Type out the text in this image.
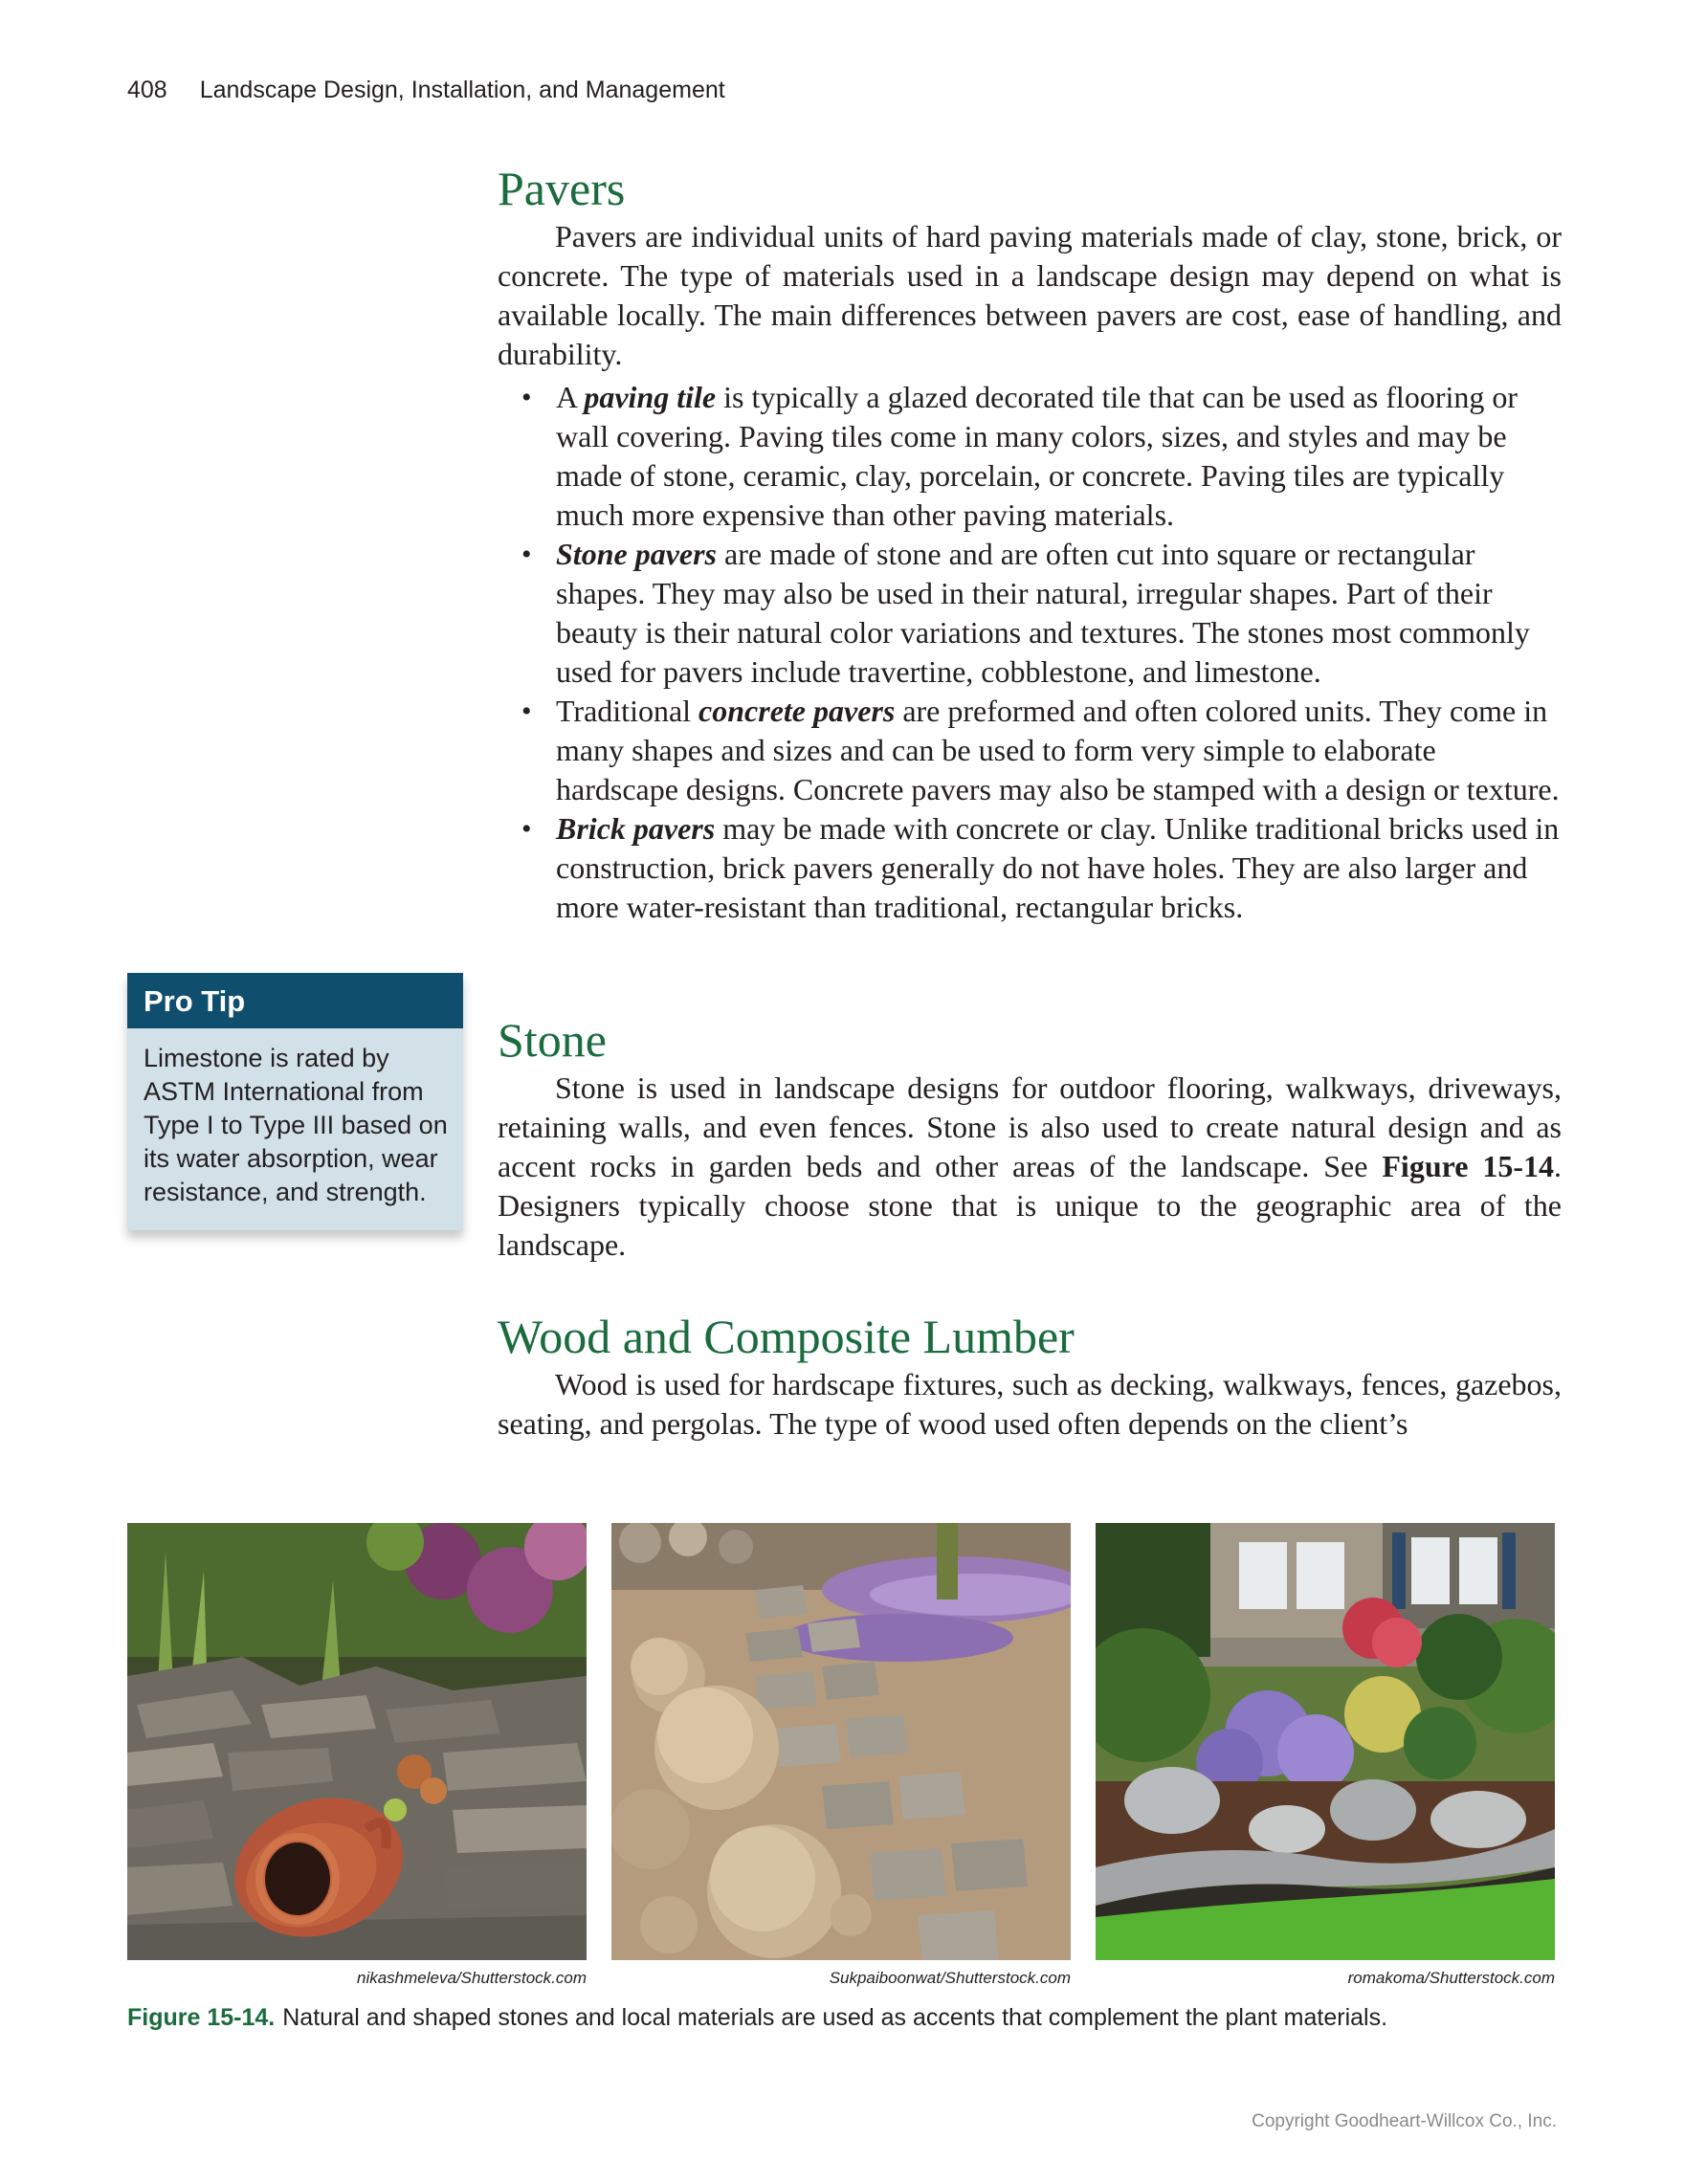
408 Landscape Design, Installation, and Management
Pavers

Pavers are individual units of hard paving materials made of clay, stone, brick, or concrete. The type of materials used in a landscape design may depend on what is available locally. The main differences between pavers are cost, ease of handling, and durability.

• A paving tile is typically a glazed decorated tile that can be used as flooring or wall covering. Paving tiles come in many colors, sizes, and styles and may be made of stone, ceramic, clay, porcelain, or concrete. Paving tiles are typically much more expensive than other paving materials.
• Stone pavers are made of stone and are often cut into square or rectangular shapes. They may also be used in their natural, irregular shapes. Part of their beauty is their natural color variations and textures. The stones most commonly used for pavers include travertine, cobblestone, and limestone.
• Traditional concrete pavers are preformed and often colored units. They come in many shapes and sizes and can be used to form very simple to elaborate hardscape designs. Concrete pavers may also be stamped with a design or texture.
• Brick pavers may be made with concrete or clay. Unlike traditional bricks used in construction, brick pavers generally do not have holes. They are also larger and more water-resistant than traditional, rectangular bricks.
Stone

Stone is used in landscape designs for outdoor flooring, walkways, driveways, retaining walls, and even fences. Stone is also used to create natural design and as accent rocks in garden beds and other areas of the landscape. See Figure 15-14. Designers typically choose stone that is unique to the geographic area of the landscape.

Wood and Composite Lumber

Wood is used for hardscape fixtures, such as decking, walkways, fences, gazebos, seating, and pergolas. The type of wood used often depends on the client’s

Pro Tip
Limestone is rated by ASTM International from Type I to Type III based on its water absorption, wear resistance, and strength.
nikashmeleva/Shutterstock.com	Sukpaiboonwat/Shutterstock.com	romakoma/Shutterstock.com
Figure 15-14. Natural and shaped stones and local materials are used as accents that complement the plant materials.
Copyright Goodheart-Willcox Co., Inc.
